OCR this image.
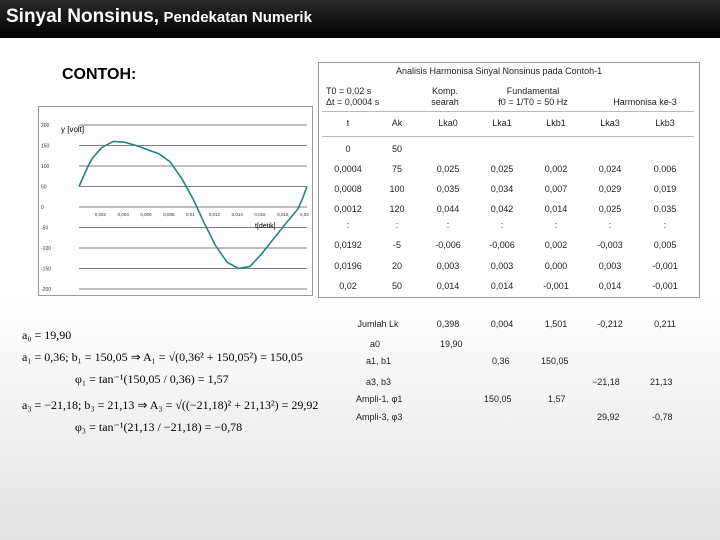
Sinyal Nonsinus, Pendekatan Numerik
CONTOH:	Analisis Harmonisa Sinyal Nonsinus pada Contoh-1
T0 = 0,02 s
Δt = 0,0004 s
Komp.
searah
Fundamental
f0 = 1/T0 = 50 Hz	Harmonisa ke-3
t	Ak	Lka0	Lka1	Lkb1	Lka3	Lkb3
0	50
0,0004	75	0,025	0,025	0,002	0,024	0,006
0,0008	100	0,035	0,034	0,007	0,029	0,019
0,0012	120	0,044	0,042	0,014	0,025	0,035
:	:	:	:	:	:	:
0,0192	-5	-0,006	-0,006	0,002	-0,003	0,005
0,0196	20	0,003	0,003	0,000	0,003	-0,001
0,02	50	0,014	0,014	-0,001	0,014	-0,001
Jumlah Lk	0,398	0,004	1,501	-0,212	0,211
a0	19,90
a1, b1	0,36	150,05
a3, b3	−21,18	21,13
Ampli-1, φ1	150,05	1,57
Ampli-3, φ3	29,92	-0,78
200
150
100
50
0
-50
-100
-150
-200
0,002	0,004	0,006	0,008	0,01	0,012	0,014	0,016	0,018	0,02
y [volt]
t[detik]
a₀ = 19,90
a₁ = 0,36; b₁ = 150,05 ⇒ A₁ = √(0,36² + 150,05²) = 150,05
φ₁ = tan⁻¹(150,05 / 0,36) = 1,57
a₃ = −21,18; b₃ = 21,13 ⇒ A₃ = √((−21,18)² + 21,13²) = 29,92
φ₃ = tan⁻¹(21,13 / −21,18) = −0,78
